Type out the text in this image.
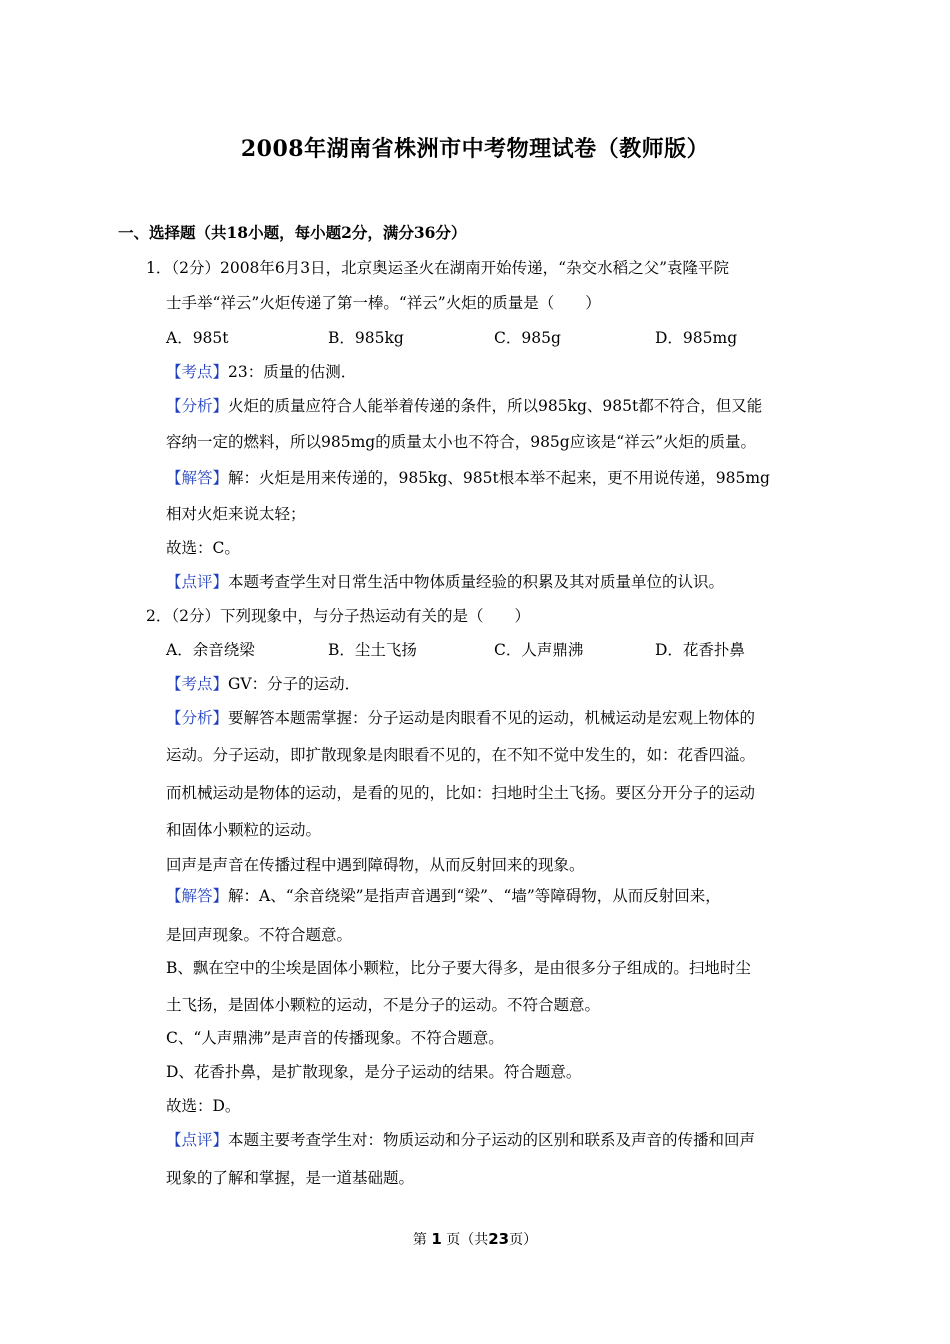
2008年湖南省株洲市中考物理试卷（教师版）
一、选择题（共18小题，每小题2分，满分36分）
1．（2分）2008年6月3日，北京奥运圣火在湖南开始传递，“杂交水稻之父”袁隆平院
士手举“祥云”火炬传递了第一棒。“祥云”火炬的质量是（　　）
A．985t	B．985kg	C．985g	D．985mg
【考点】23：质量的估测．
【分析】火炬的质量应符合人能举着传递的条件，所以985kg、985t都不符合，但又能
容纳一定的燃料，所以985mg的质量太小也不符合，985g应该是“祥云”火炬的质量。
【解答】解：火炬是用来传递的，985kg、985t根本举不起来，更不用说传递，985mg
相对火炬来说太轻；
故选：C。
【点评】本题考查学生对日常生活中物体质量经验的积累及其对质量单位的认识。
2．（2分）下列现象中，与分子热运动有关的是（　　）
A．余音绕梁	B．尘土飞扬	C．人声鼎沸	D．花香扑鼻
【考点】GV：分子的运动．
【分析】要解答本题需掌握：分子运动是肉眼看不见的运动，机械运动是宏观上物体的
运动。分子运动，即扩散现象是肉眼看不见的，在不知不觉中发生的，如：花香四溢。
而机械运动是物体的运动，是看的见的，比如：扫地时尘土飞扬。要区分开分子的运动
和固体小颗粒的运动。
回声是声音在传播过程中遇到障碍物，从而反射回来的现象。
【解答】解：A、“余音绕梁”是指声音遇到“梁”、“墙”等障碍物，从而反射回来，
是回声现象。不符合题意。
B、飘在空中的尘埃是固体小颗粒，比分子要大得多，是由很多分子组成的。扫地时尘
土飞扬，是固体小颗粒的运动，不是分子的运动。不符合题意。
C、“人声鼎沸”是声音的传播现象。不符合题意。
D、花香扑鼻，是扩散现象，是分子运动的结果。符合题意。
故选：D。
【点评】本题主要考查学生对：物质运动和分子运动的区别和联系及声音的传播和回声
现象的了解和掌握，是一道基础题。
第 1 页（共23页）
